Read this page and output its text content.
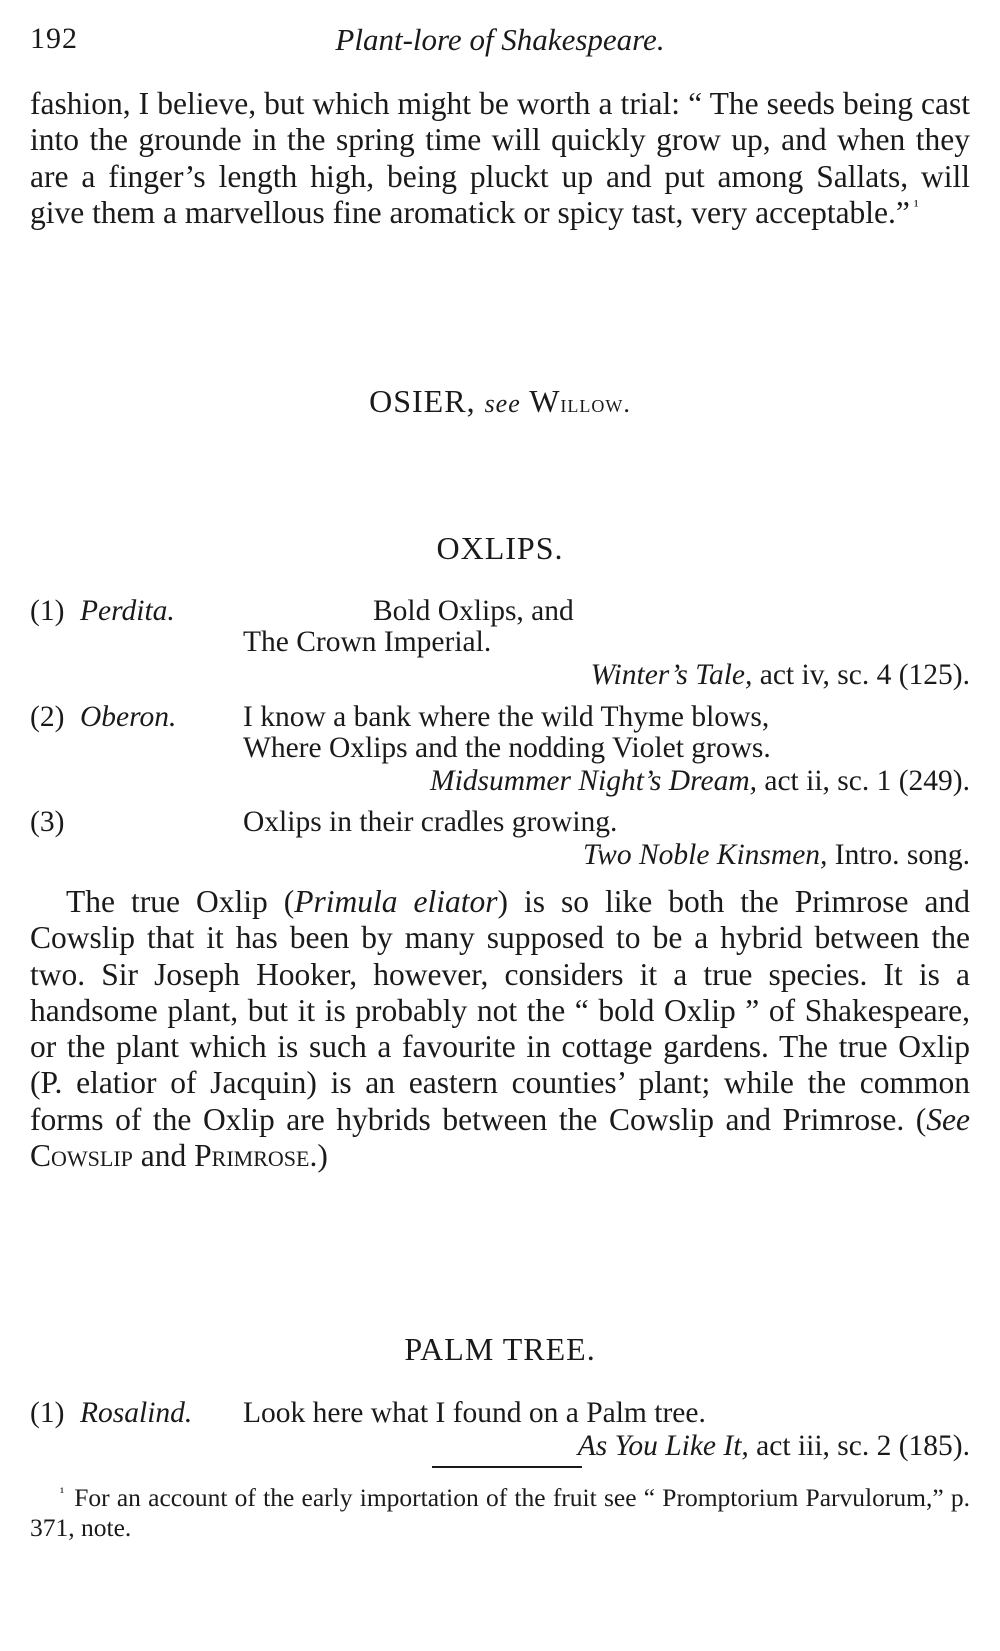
192	Plant-lore of Shakespeare.

fashion, I believe, but which might be worth a trial: “ The seeds being cast into the grounde in the spring time will quickly grow up, and when they are a finger’s length high, being pluckt up and put among Sallats, will give them a marvellous fine aromatick or spicy tast, very acceptable.” $^{^1}$

OSIER, see Willow.
OXLIPS.
(1) Perdita.	Bold Oxlips, and
The Crown Imperial.
Winter’s Tale, act iv, sc. 4 (125).
(2) Oberon. I know a bank where the wild Thyme blows,
Where Oxlips and the nodding Violet grows.
Midsummer Night’s Dream, act ii, sc. 1 (249).
(3)	Oxlips in their cradles growing.
Two Noble Kinsmen, Intro. song.

The true Oxlip (Primula eliator) is so like both the Primrose and Cowslip that it has been by many supposed to be a hybrid between the two. Sir Joseph Hooker, however, considers it a true species. It is a handsome plant, but it is probably not the “ bold Oxlip ” of Shakespeare, or the plant which is such a favourite in cottage gardens. The true Oxlip (P. elatior of Jacquin) is an eastern counties’ plant; while the common forms of the Oxlip are hybrids between the Cowslip and Primrose. (See Cowslip and Primrose.)

PALM TREE.
(1) Rosalind. Look here what I found on a Palm tree.
As You Like It, act iii, sc. 2 (185).
$^{^1}$ For an account of the early importation of the fruit see “ Promptorium Parvulorum,” p. 371, note.
